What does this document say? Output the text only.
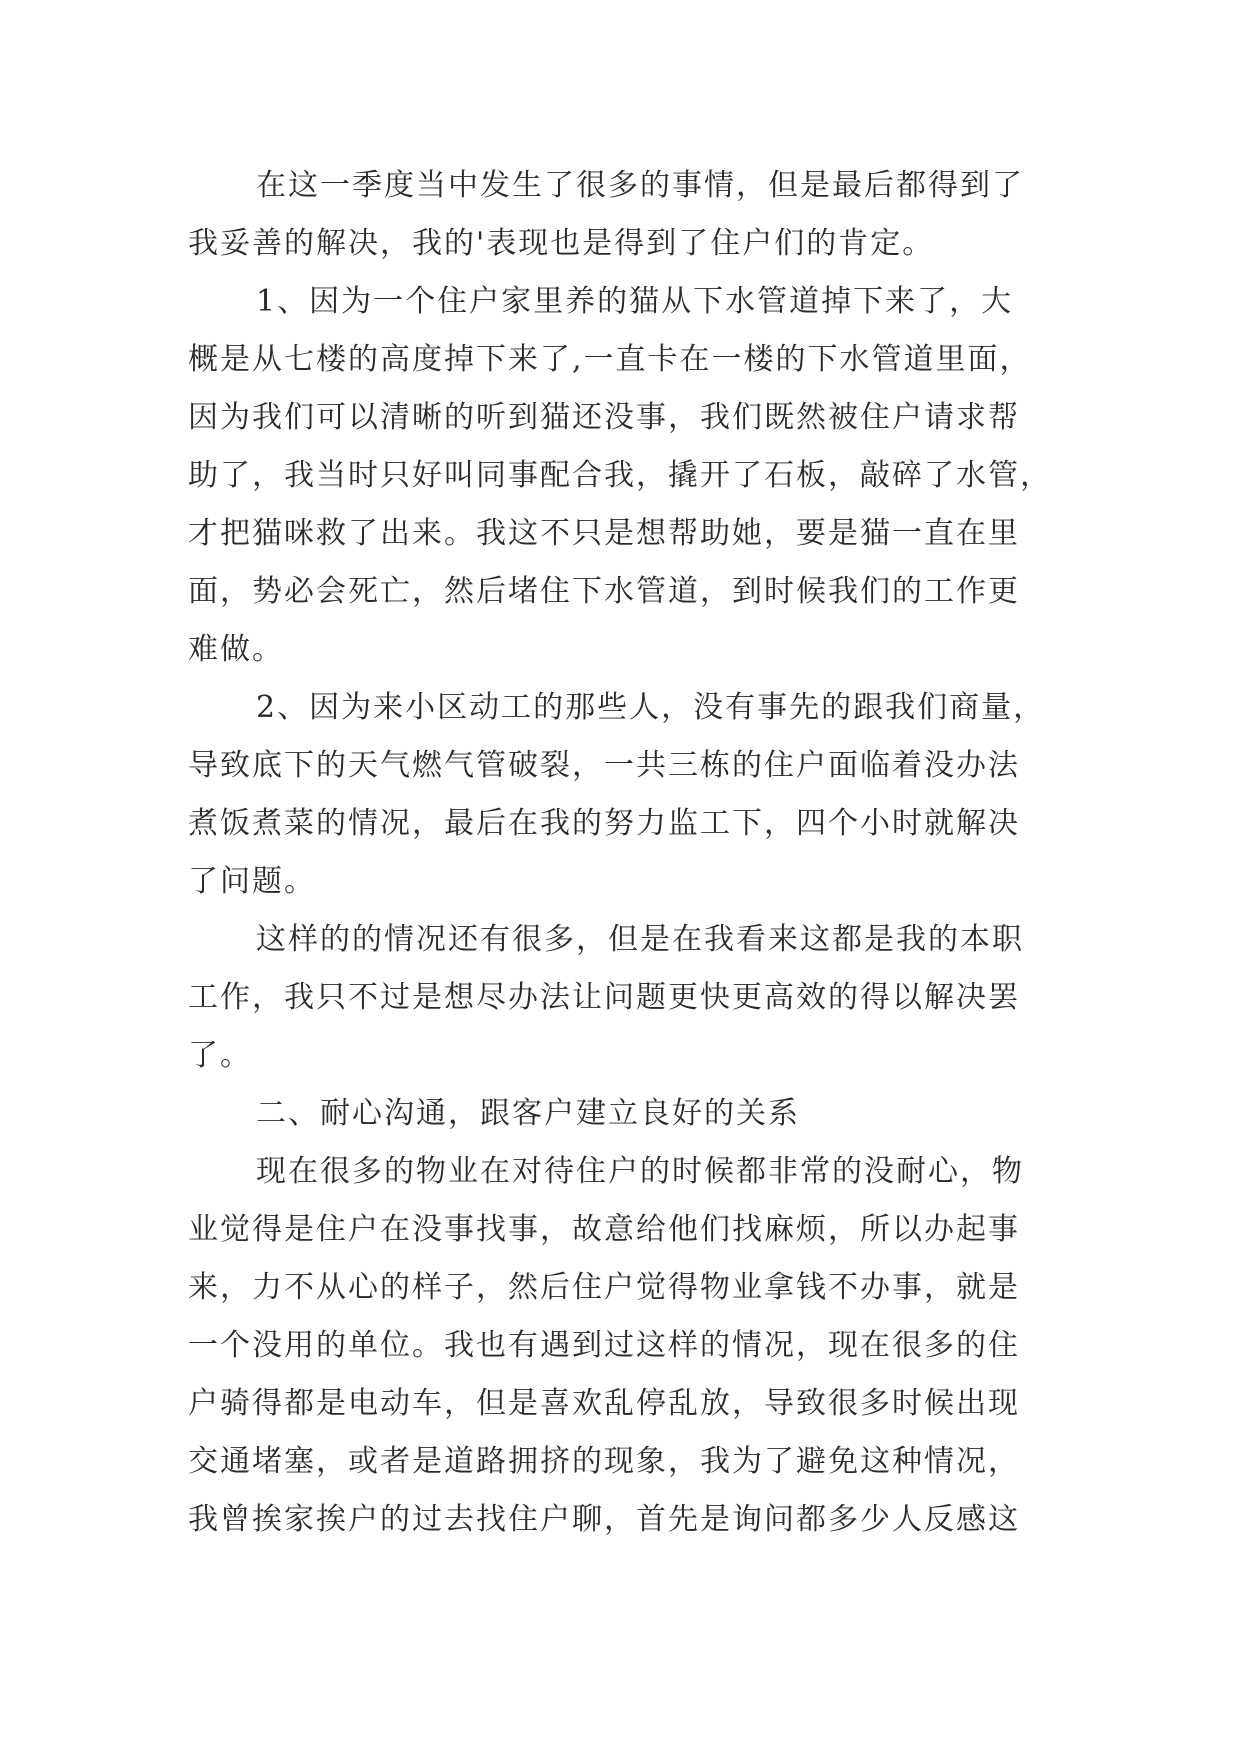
在这一季度当中发生了很多的事情，但是最后都得到了
我妥善的解决，我的'表现也是得到了住户们的肯定。
1、因为一个住户家里养的猫从下水管道掉下来了，大
概是从七楼的高度掉下来了,一直卡在一楼的下水管道里面，
因为我们可以清晰的听到猫还没事，我们既然被住户请求帮
助了，我当时只好叫同事配合我，撬开了石板，敲碎了水管，
才把猫咪救了出来。我这不只是想帮助她，要是猫一直在里
面，势必会死亡，然后堵住下水管道，到时候我们的工作更
难做。
2、因为来小区动工的那些人，没有事先的跟我们商量，
导致底下的天气燃气管破裂，一共三栋的住户面临着没办法
煮饭煮菜的情况，最后在我的努力监工下，四个小时就解决
了问题。
这样的的情况还有很多，但是在我看来这都是我的本职
工作，我只不过是想尽办法让问题更快更高效的得以解决罢
了。
二、耐心沟通，跟客户建立良好的关系
现在很多的物业在对待住户的时候都非常的没耐心，物
业觉得是住户在没事找事，故意给他们找麻烦，所以办起事
来，力不从心的样子，然后住户觉得物业拿钱不办事，就是
一个没用的单位。我也有遇到过这样的情况，现在很多的住
户骑得都是电动车，但是喜欢乱停乱放，导致很多时候出现
交通堵塞，或者是道路拥挤的现象，我为了避免这种情况，
我曾挨家挨户的过去找住户聊，首先是询问都多少人反感这
